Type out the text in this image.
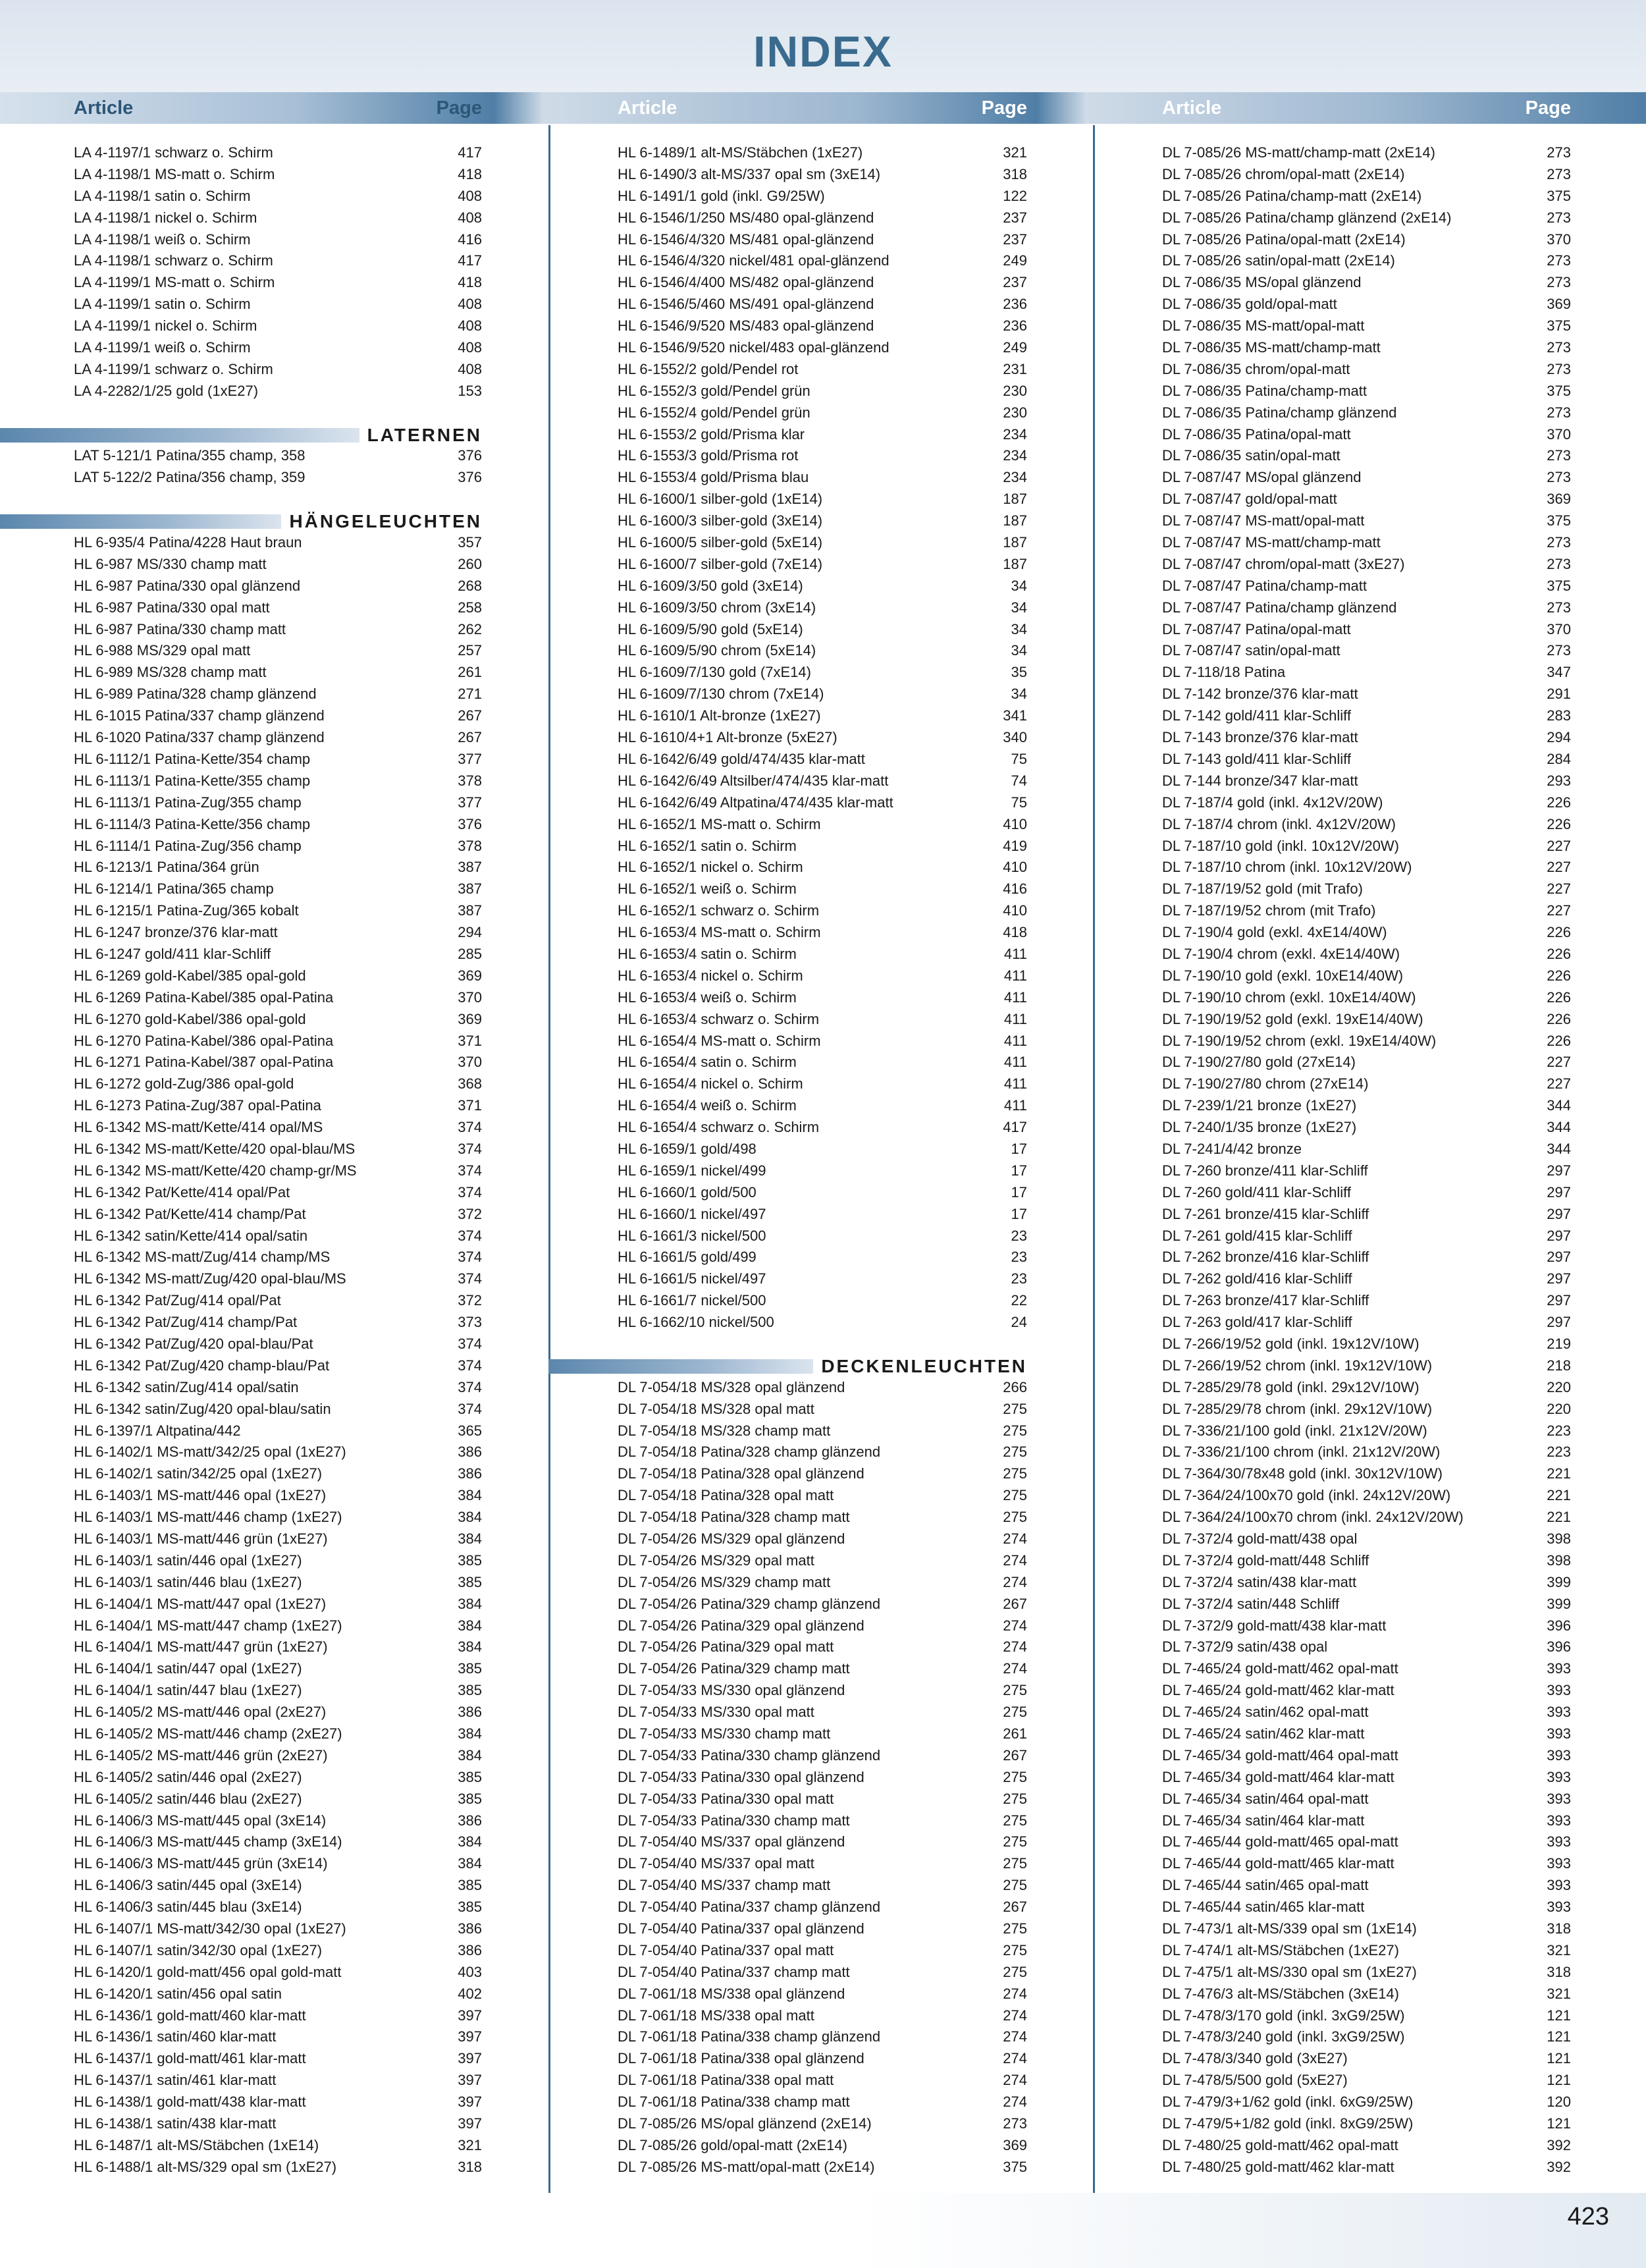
INDEX
Article	Page	Article	Page	Article	Page
LA 4-1197/1 schwarz o. Schirm	417
LA 4-1198/1 MS-matt o. Schirm	418
LA 4-1198/1 satin o. Schirm	408
LA 4-1198/1 nickel o. Schirm	408
LA 4-1198/1 weiß o. Schirm	416
LA 4-1198/1 schwarz o. Schirm	417
LA 4-1199/1 MS-matt o. Schirm	418
LA 4-1199/1 satin o. Schirm	408
LA 4-1199/1 nickel o. Schirm	408
LA 4-1199/1 weiß o. Schirm	408
LA 4-1199/1 schwarz o. Schirm	408
LA 4-2282/1/25 gold (1xE27)	153
LATERNEN
LAT 5-121/1 Patina/355 champ, 358	376
LAT 5-122/2 Patina/356 champ, 359	376
HÄNGELEUCHTEN
HL 6-935/4 Patina/4228 Haut braun	357
HL 6-987 MS/330 champ matt	260
HL 6-987 Patina/330 opal glänzend	268
HL 6-987 Patina/330 opal matt	258
HL 6-987 Patina/330 champ matt	262
HL 6-988 MS/329 opal matt	257
HL 6-989 MS/328 champ matt	261
HL 6-989 Patina/328 champ glänzend	271
HL 6-1015 Patina/337 champ glänzend	267
HL 6-1020 Patina/337 champ glänzend	267
HL 6-1112/1 Patina-Kette/354 champ	377
HL 6-1113/1 Patina-Kette/355 champ	378
HL 6-1113/1 Patina-Zug/355 champ	377
HL 6-1114/3 Patina-Kette/356 champ	376
HL 6-1114/1 Patina-Zug/356 champ	378
HL 6-1213/1 Patina/364 grün	387
HL 6-1214/1 Patina/365 champ	387
HL 6-1215/1 Patina-Zug/365 kobalt	387
HL 6-1247 bronze/376 klar-matt	294
HL 6-1247 gold/411 klar-Schliff	285
HL 6-1269 gold-Kabel/385 opal-gold	369
HL 6-1269 Patina-Kabel/385 opal-Patina	370
HL 6-1270 gold-Kabel/386 opal-gold	369
HL 6-1270 Patina-Kabel/386 opal-Patina	371
HL 6-1271 Patina-Kabel/387 opal-Patina	370
HL 6-1272 gold-Zug/386 opal-gold	368
HL 6-1273 Patina-Zug/387 opal-Patina	371
HL 6-1342 MS-matt/Kette/414 opal/MS	374
HL 6-1342 MS-matt/Kette/420 opal-blau/MS	374
HL 6-1342 MS-matt/Kette/420 champ-gr/MS	374
HL 6-1342 Pat/Kette/414 opal/Pat	374
HL 6-1342 Pat/Kette/414 champ/Pat	372
HL 6-1342 satin/Kette/414 opal/satin	374
HL 6-1342 MS-matt/Zug/414 champ/MS	374
HL 6-1342 MS-matt/Zug/420 opal-blau/MS	374
HL 6-1342 Pat/Zug/414 opal/Pat	372
HL 6-1342 Pat/Zug/414 champ/Pat	373
HL 6-1342 Pat/Zug/420 opal-blau/Pat	374
HL 6-1342 Pat/Zug/420 champ-blau/Pat	374
HL 6-1342 satin/Zug/414 opal/satin	374
HL 6-1342 satin/Zug/420 opal-blau/satin	374
HL 6-1397/1 Altpatina/442	365
HL 6-1402/1 MS-matt/342/25 opal (1xE27)	386
HL 6-1402/1 satin/342/25 opal (1xE27)	386
HL 6-1403/1 MS-matt/446 opal (1xE27)	384
HL 6-1403/1 MS-matt/446 champ (1xE27)	384
HL 6-1403/1 MS-matt/446 grün (1xE27)	384
HL 6-1403/1 satin/446 opal (1xE27)	385
HL 6-1403/1 satin/446 blau (1xE27)	385
HL 6-1404/1 MS-matt/447 opal (1xE27)	384
HL 6-1404/1 MS-matt/447 champ (1xE27)	384
HL 6-1404/1 MS-matt/447 grün (1xE27)	384
HL 6-1404/1 satin/447 opal (1xE27)	385
HL 6-1404/1 satin/447 blau (1xE27)	385
HL 6-1405/2 MS-matt/446 opal (2xE27)	386
HL 6-1405/2 MS-matt/446 champ (2xE27)	384
HL 6-1405/2 MS-matt/446 grün (2xE27)	384
HL 6-1405/2 satin/446 opal (2xE27)	385
HL 6-1405/2 satin/446 blau (2xE27)	385
HL 6-1406/3 MS-matt/445 opal (3xE14)	386
HL 6-1406/3 MS-matt/445 champ (3xE14)	384
HL 6-1406/3 MS-matt/445 grün (3xE14)	384
HL 6-1406/3 satin/445 opal (3xE14)	385
HL 6-1406/3 satin/445 blau (3xE14)	385
HL 6-1407/1 MS-matt/342/30 opal (1xE27)	386
HL 6-1407/1 satin/342/30 opal (1xE27)	386
HL 6-1420/1 gold-matt/456 opal gold-matt	403
HL 6-1420/1 satin/456 opal satin	402
HL 6-1436/1 gold-matt/460 klar-matt	397
HL 6-1436/1 satin/460 klar-matt	397
HL 6-1437/1 gold-matt/461 klar-matt	397
HL 6-1437/1 satin/461 klar-matt	397
HL 6-1438/1 gold-matt/438 klar-matt	397
HL 6-1438/1 satin/438 klar-matt	397
HL 6-1487/1 alt-MS/Stäbchen (1xE14)	321
HL 6-1488/1 alt-MS/329 opal sm (1xE27)	318
HL 6-1489/1 alt-MS/Stäbchen (1xE27)	321
HL 6-1490/3 alt-MS/337 opal sm (3xE14)	318
HL 6-1491/1 gold (inkl. G9/25W)	122
HL 6-1546/1/250 MS/480 opal-glänzend	237
HL 6-1546/4/320 MS/481 opal-glänzend	237
HL 6-1546/4/320 nickel/481 opal-glänzend	249
HL 6-1546/4/400 MS/482 opal-glänzend	237
HL 6-1546/5/460 MS/491 opal-glänzend	236
HL 6-1546/9/520 MS/483 opal-glänzend	236
HL 6-1546/9/520 nickel/483 opal-glänzend	249
HL 6-1552/2 gold/Pendel rot	231
HL 6-1552/3 gold/Pendel grün	230
HL 6-1552/4 gold/Pendel grün	230
HL 6-1553/2 gold/Prisma klar	234
HL 6-1553/3 gold/Prisma rot	234
HL 6-1553/4 gold/Prisma blau	234
HL 6-1600/1 silber-gold (1xE14)	187
HL 6-1600/3 silber-gold (3xE14)	187
HL 6-1600/5 silber-gold (5xE14)	187
HL 6-1600/7 silber-gold (7xE14)	187
HL 6-1609/3/50 gold (3xE14)	34
HL 6-1609/3/50 chrom (3xE14)	34
HL 6-1609/5/90 gold (5xE14)	34
HL 6-1609/5/90 chrom (5xE14)	34
HL 6-1609/7/130 gold (7xE14)	35
HL 6-1609/7/130 chrom (7xE14)	34
HL 6-1610/1 Alt-bronze (1xE27)	341
HL 6-1610/4+1 Alt-bronze (5xE27)	340
HL 6-1642/6/49 gold/474/435 klar-matt	75
HL 6-1642/6/49 Altsilber/474/435 klar-matt	74
HL 6-1642/6/49 Altpatina/474/435 klar-matt	75
HL 6-1652/1 MS-matt o. Schirm	410
HL 6-1652/1 satin o. Schirm	419
HL 6-1652/1 nickel o. Schirm	410
HL 6-1652/1 weiß o. Schirm	416
HL 6-1652/1 schwarz o. Schirm	410
HL 6-1653/4 MS-matt o. Schirm	418
HL 6-1653/4 satin o. Schirm	411
HL 6-1653/4 nickel o. Schirm	411
HL 6-1653/4 weiß o. Schirm	411
HL 6-1653/4 schwarz o. Schirm	411
HL 6-1654/4 MS-matt o. Schirm	411
HL 6-1654/4 satin o. Schirm	411
HL 6-1654/4 nickel o. Schirm	411
HL 6-1654/4 weiß o. Schirm	411
HL 6-1654/4 schwarz o. Schirm	417
HL 6-1659/1 gold/498	17
HL 6-1659/1 nickel/499	17
HL 6-1660/1 gold/500	17
HL 6-1660/1 nickel/497	17
HL 6-1661/3 nickel/500	23
HL 6-1661/5 gold/499	23
HL 6-1661/5 nickel/497	23
HL 6-1661/7 nickel/500	22
HL 6-1662/10 nickel/500	24
DECKENLEUCHTEN
DL 7-054/18 MS/328 opal glänzend	266
DL 7-054/18 MS/328 opal matt	275
DL 7-054/18 MS/328 champ matt	275
DL 7-054/18 Patina/328 champ glänzend	275
DL 7-054/18 Patina/328 opal glänzend	275
DL 7-054/18 Patina/328 opal matt	275
DL 7-054/18 Patina/328 champ matt	275
DL 7-054/26 MS/329 opal glänzend	274
DL 7-054/26 MS/329 opal matt	274
DL 7-054/26 MS/329 champ matt	274
DL 7-054/26 Patina/329 champ glänzend	267
DL 7-054/26 Patina/329 opal glänzend	274
DL 7-054/26 Patina/329 opal matt	274
DL 7-054/26 Patina/329 champ matt	274
DL 7-054/33 MS/330 opal glänzend	275
DL 7-054/33 MS/330 opal matt	275
DL 7-054/33 MS/330 champ matt	261
DL 7-054/33 Patina/330 champ glänzend	267
DL 7-054/33 Patina/330 opal glänzend	275
DL 7-054/33 Patina/330 opal matt	275
DL 7-054/33 Patina/330 champ matt	275
DL 7-054/40 MS/337 opal glänzend	275
DL 7-054/40 MS/337 opal matt	275
DL 7-054/40 MS/337 champ matt	275
DL 7-054/40 Patina/337 champ glänzend	267
DL 7-054/40 Patina/337 opal glänzend	275
DL 7-054/40 Patina/337 opal matt	275
DL 7-054/40 Patina/337 champ matt	275
DL 7-061/18 MS/338 opal glänzend	274
DL 7-061/18 MS/338 opal matt	274
DL 7-061/18 Patina/338 champ glänzend	274
DL 7-061/18 Patina/338 opal glänzend	274
DL 7-061/18 Patina/338 opal matt	274
DL 7-061/18 Patina/338 champ matt	274
DL 7-085/26 MS/opal glänzend (2xE14)	273
DL 7-085/26 gold/opal-matt (2xE14)	369
DL 7-085/26 MS-matt/opal-matt (2xE14)	375
DL 7-085/26 MS-matt/champ-matt (2xE14)	273
DL 7-085/26 chrom/opal-matt (2xE14)	273
DL 7-085/26 Patina/champ-matt (2xE14)	375
DL 7-085/26 Patina/champ glänzend (2xE14)	273
DL 7-085/26 Patina/opal-matt (2xE14)	370
DL 7-085/26 satin/opal-matt (2xE14)	273
DL 7-086/35 MS/opal glänzend	273
DL 7-086/35 gold/opal-matt	369
DL 7-086/35 MS-matt/opal-matt	375
DL 7-086/35 MS-matt/champ-matt	273
DL 7-086/35 chrom/opal-matt	273
DL 7-086/35 Patina/champ-matt	375
DL 7-086/35 Patina/champ glänzend	273
DL 7-086/35 Patina/opal-matt	370
DL 7-086/35 satin/opal-matt	273
DL 7-087/47 MS/opal glänzend	273
DL 7-087/47 gold/opal-matt	369
DL 7-087/47 MS-matt/opal-matt	375
DL 7-087/47 MS-matt/champ-matt	273
DL 7-087/47 chrom/opal-matt (3xE27)	273
DL 7-087/47 Patina/champ-matt	375
DL 7-087/47 Patina/champ glänzend	273
DL 7-087/47 Patina/opal-matt	370
DL 7-087/47 satin/opal-matt	273
DL 7-118/18 Patina	347
DL 7-142 bronze/376 klar-matt	291
DL 7-142 gold/411 klar-Schliff	283
DL 7-143 bronze/376 klar-matt	294
DL 7-143 gold/411 klar-Schliff	284
DL 7-144 bronze/347 klar-matt	293
DL 7-187/4 gold (inkl. 4x12V/20W)	226
DL 7-187/4 chrom (inkl. 4x12V/20W)	226
DL 7-187/10 gold (inkl. 10x12V/20W)	227
DL 7-187/10 chrom (inkl. 10x12V/20W)	227
DL 7-187/19/52 gold (mit Trafo)	227
DL 7-187/19/52 chrom (mit Trafo)	227
DL 7-190/4 gold (exkl. 4xE14/40W)	226
DL 7-190/4 chrom (exkl. 4xE14/40W)	226
DL 7-190/10 gold (exkl. 10xE14/40W)	226
DL 7-190/10 chrom (exkl. 10xE14/40W)	226
DL 7-190/19/52 gold (exkl. 19xE14/40W)	226
DL 7-190/19/52 chrom (exkl. 19xE14/40W)	226
DL 7-190/27/80 gold (27xE14)	227
DL 7-190/27/80 chrom (27xE14)	227
DL 7-239/1/21 bronze (1xE27)	344
DL 7-240/1/35 bronze (1xE27)	344
DL 7-241/4/42 bronze	344
DL 7-260 bronze/411 klar-Schliff	297
DL 7-260 gold/411 klar-Schliff	297
DL 7-261 bronze/415 klar-Schliff	297
DL 7-261 gold/415 klar-Schliff	297
DL 7-262 bronze/416 klar-Schliff	297
DL 7-262 gold/416 klar-Schliff	297
DL 7-263 bronze/417 klar-Schliff	297
DL 7-263 gold/417 klar-Schliff	297
DL 7-266/19/52 gold (inkl. 19x12V/10W)	219
DL 7-266/19/52 chrom (inkl. 19x12V/10W)	218
DL 7-285/29/78 gold (inkl. 29x12V/10W)	220
DL 7-285/29/78 chrom (inkl. 29x12V/10W)	220
DL 7-336/21/100 gold (inkl. 21x12V/20W)	223
DL 7-336/21/100 chrom (inkl. 21x12V/20W)	223
DL 7-364/30/78x48 gold (inkl. 30x12V/10W)	221
DL 7-364/24/100x70 gold (inkl. 24x12V/20W)	221
DL 7-364/24/100x70 chrom (inkl. 24x12V/20W)	221
DL 7-372/4 gold-matt/438 opal	398
DL 7-372/4 gold-matt/448 Schliff	398
DL 7-372/4 satin/438 klar-matt	399
DL 7-372/4 satin/448 Schliff	399
DL 7-372/9 gold-matt/438 klar-matt	396
DL 7-372/9 satin/438 opal	396
DL 7-465/24 gold-matt/462 opal-matt	393
DL 7-465/24 gold-matt/462 klar-matt	393
DL 7-465/24 satin/462 opal-matt	393
DL 7-465/24 satin/462 klar-matt	393
DL 7-465/34 gold-matt/464 opal-matt	393
DL 7-465/34 gold-matt/464 klar-matt	393
DL 7-465/34 satin/464 opal-matt	393
DL 7-465/34 satin/464 klar-matt	393
DL 7-465/44 gold-matt/465 opal-matt	393
DL 7-465/44 gold-matt/465 klar-matt	393
DL 7-465/44 satin/465 opal-matt	393
DL 7-465/44 satin/465 klar-matt	393
DL 7-473/1 alt-MS/339 opal sm (1xE14)	318
DL 7-474/1 alt-MS/Stäbchen (1xE27)	321
DL 7-475/1 alt-MS/330 opal sm (1xE27)	318
DL 7-476/3 alt-MS/Stäbchen (3xE14)	321
DL 7-478/3/170 gold (inkl. 3xG9/25W)	121
DL 7-478/3/240 gold (inkl. 3xG9/25W)	121
DL 7-478/3/340 gold (3xE27)	121
DL 7-478/5/500 gold (5xE27)	121
DL 7-479/3+1/62 gold (inkl. 6xG9/25W)	120
DL 7-479/5+1/82 gold (inkl. 8xG9/25W)	121
DL 7-480/25 gold-matt/462 opal-matt	392
DL 7-480/25 gold-matt/462 klar-matt	392
423
